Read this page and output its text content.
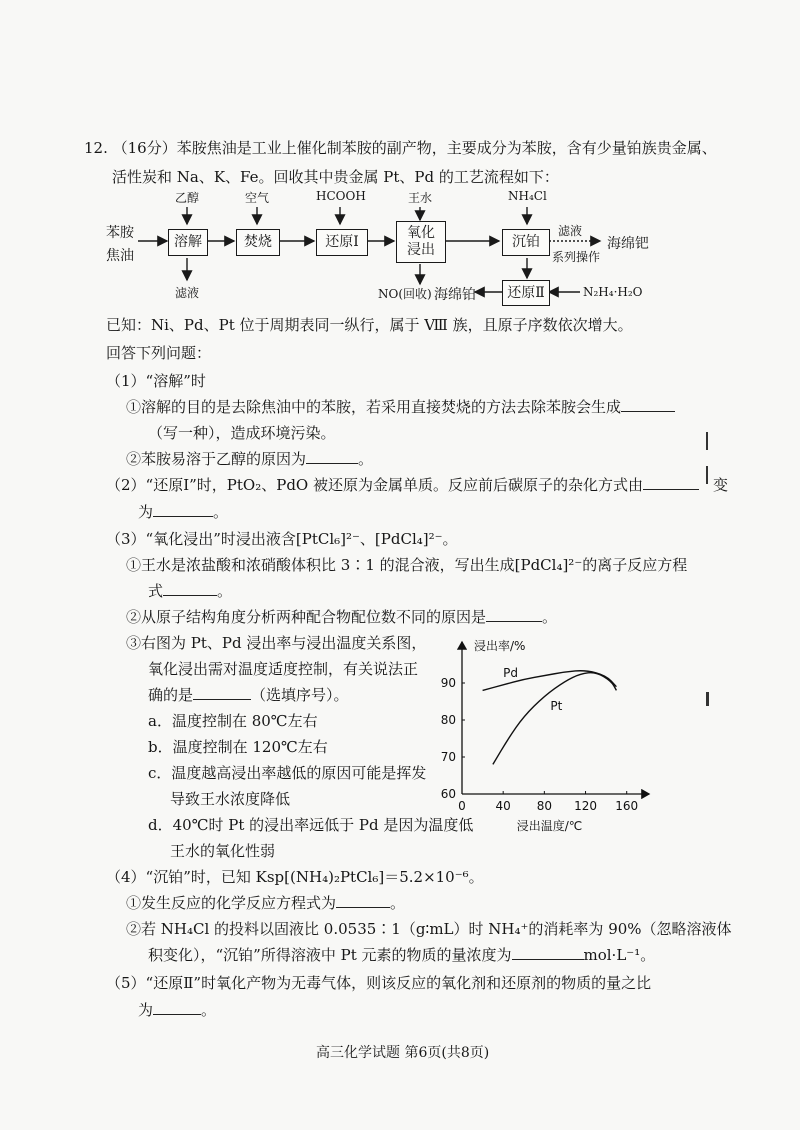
12. （16分）苯胺焦油是工业上催化制苯胺的副产物，主要成分为苯胺，含有少量铂族贵金属、
活性炭和 Na、K、Fe。回收其中贵金属 Pt、Pd 的工艺流程如下：
苯胺
焦油
溶解	焚烧	还原Ⅰ
氧化
浸出	沉铂
还原Ⅱ
乙醇	空气	HCOOH	王水	NH₄Cl
N₂H₄·H₂O
滤液
滤液
系列操作
海绵钯
NO(回收) 海绵铂
已知：Ni、Pd、Pt 位于周期表同一纵行，属于 Ⅷ 族，且原子序数依次增大。
回答下列问题：
（1）“溶解”时
①溶解的目的是去除焦油中的苯胺，若采用直接焚烧的方法去除苯胺会生成
（写一种），造成环境污染。
②苯胺易溶于乙醇的原因为	。
（2）“还原Ⅰ”时，PtO₂、PdO 被还原为金属单质。反应前后碳原子的杂化方式由	变
为	。
（3）“氧化浸出”时浸出液含[PtCl₆]²⁻、[PdCl₄]²⁻。
①王水是浓盐酸和浓硝酸体积比 3∶1 的混合液，写出生成[PdCl₄]²⁻的离子反应方程
式	。
②从原子结构角度分析两种配合物配位数不同的原因是	。
③右图为 Pt、Pd 浸出率与浸出温度关系图，
氧化浸出需对温度适度控制，有关说法正
确的是	（选填序号）。
a．温度控制在 80℃左右
b．温度控制在 120℃左右
c．温度越高浸出率越低的原因可能是挥发
导致王水浓度降低
d．40℃时 Pt 的浸出率远低于 Pd 是因为温度低
王水的氧化性弱
0 40 80 120 160
60
70
80
90
浸出率/%
浸出温度/℃
Pd
Pt
（4）“沉铂”时，已知 Ksp[(NH₄)₂PtCl₆]＝5.2×10⁻⁶。
①发生反应的化学反应方程式为	。
②若 NH₄Cl 的投料以固液比 0.0535∶1（g∶mL）时 NH₄⁺的消耗率为 90%（忽略溶液体
积变化），“沉铂”所得溶液中 Pt 元素的物质的量浓度为	mol·L⁻¹。
（5）“还原Ⅱ”时氧化产物为无毒气体，则该反应的氧化剂和还原剂的物质的量之比
为	。
高三化学试题 第6页(共8页)
